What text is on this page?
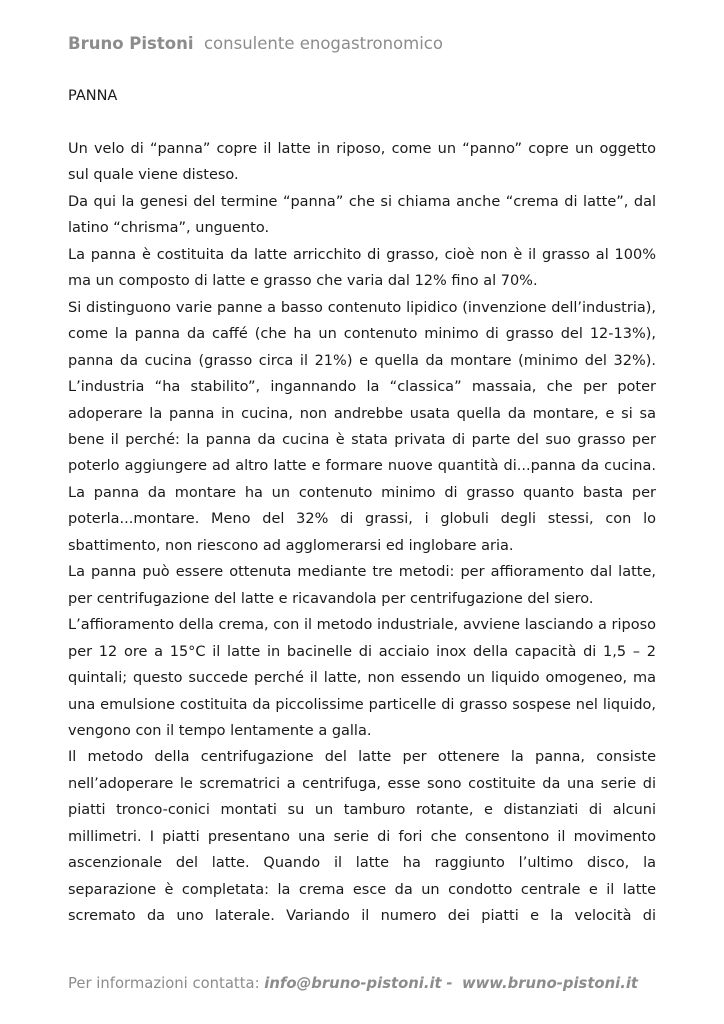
Bruno Pistoni consulente enogastronomico
PANNA

Un velo di “panna” copre il latte in riposo, come un “panno” copre un oggetto sul quale viene disteso.

Da qui la genesi del termine “panna” che si chiama anche “crema di latte”, dal latino “chrisma”, unguento.

La panna è costituita da latte arricchito di grasso, cioè non è il grasso al 100% ma un composto di latte e grasso che varia dal 12% fino al 70%.

Si distinguono varie panne a basso contenuto lipidico (invenzione dell’industria), come la panna da caffé (che ha un contenuto minimo di grasso del 12-13%), panna da cucina (grasso circa il 21%) e quella da montare (minimo del 32%). L’industria “ha stabilito”, ingannando la “classica” massaia, che per poter adoperare la panna in cucina, non andrebbe usata quella da montare, e si sa bene il perché: la panna da cucina è stata privata di parte del suo grasso per poterlo aggiungere ad altro latte e formare nuove quantità di...panna da cucina. La panna da montare ha un contenuto minimo di grasso quanto basta per poterla...montare. Meno del 32% di grassi, i globuli degli stessi, con lo sbattimento, non riescono ad agglomerarsi ed inglobare aria.

La panna può essere ottenuta mediante tre metodi: per affioramento dal latte, per centrifugazione del latte e ricavandola per centrifugazione del siero.

L’affioramento della crema, con il metodo industriale, avviene lasciando a riposo per 12 ore a 15°C il latte in bacinelle di acciaio inox della capacità di 1,5 – 2 quintali; questo succede perché il latte, non essendo un liquido omogeneo, ma una emulsione costituita da piccolissime particelle di grasso sospese nel liquido, vengono con il tempo lentamente a galla.

Il metodo della centrifugazione del latte per ottenere la panna, consiste nell’adoperare le scrematrici a centrifuga, esse sono costituite da una serie di piatti tronco-conici montati su un tamburo rotante, e distanziati di alcuni millimetri. I piatti presentano una serie di fori che consentono il movimento ascenzionale del latte. Quando il latte ha raggiunto l’ultimo disco, la separazione è completata: la crema esce da un condotto centrale e il latte scremato da uno laterale. Variando il numero dei piatti e la velocità di

Per informazioni contatta: info@bruno-pistoni.it - www.bruno-pistoni.it
